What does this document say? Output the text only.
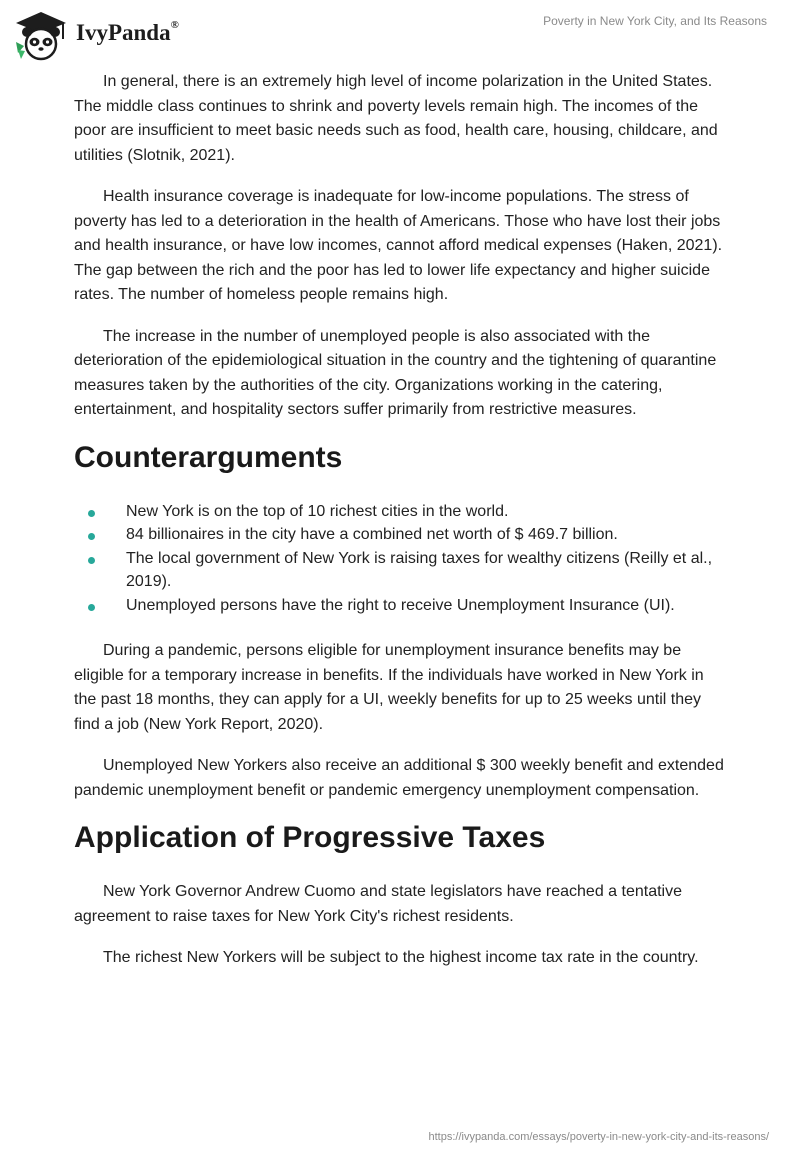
IvyPanda®	Poverty in New York City, and Its Reasons

In general, there is an extremely high level of income polarization in the United States. The middle class continues to shrink and poverty levels remain high. The incomes of the poor are insufficient to meet basic needs such as food, health care, housing, childcare, and utilities (Slotnik, 2021).

Health insurance coverage is inadequate for low-income populations. The stress of poverty has led to a deterioration in the health of Americans. Those who have lost their jobs and health insurance, or have low incomes, cannot afford medical expenses (Haken, 2021). The gap between the rich and the poor has led to lower life expectancy and higher suicide rates. The number of homeless people remains high.

The increase in the number of unemployed people is also associated with the deterioration of the epidemiological situation in the country and the tightening of quarantine measures taken by the authorities of the city. Organizations working in the catering, entertainment, and hospitality sectors suffer primarily from restrictive measures.

Counterarguments
New York is on the top of 10 richest cities in the world.
84 billionaires in the city have a combined net worth of $ 469.7 billion.
The local government of New York is raising taxes for wealthy citizens (Reilly et al., 2019).
Unemployed persons have the right to receive Unemployment Insurance (UI).

During a pandemic, persons eligible for unemployment insurance benefits may be eligible for a temporary increase in benefits. If the individuals have worked in New York in the past 18 months, they can apply for a UI, weekly benefits for up to 25 weeks until they find a job (New York Report, 2020).

Unemployed New Yorkers also receive an additional $ 300 weekly benefit and extended pandemic unemployment benefit or pandemic emergency unemployment compensation.

Application of Progressive Taxes

New York Governor Andrew Cuomo and state legislators have reached a tentative agreement to raise taxes for New York City's richest residents.

The richest New Yorkers will be subject to the highest income tax rate in the country.

https://ivypanda.com/essays/poverty-in-new-york-city-and-its-reasons/
